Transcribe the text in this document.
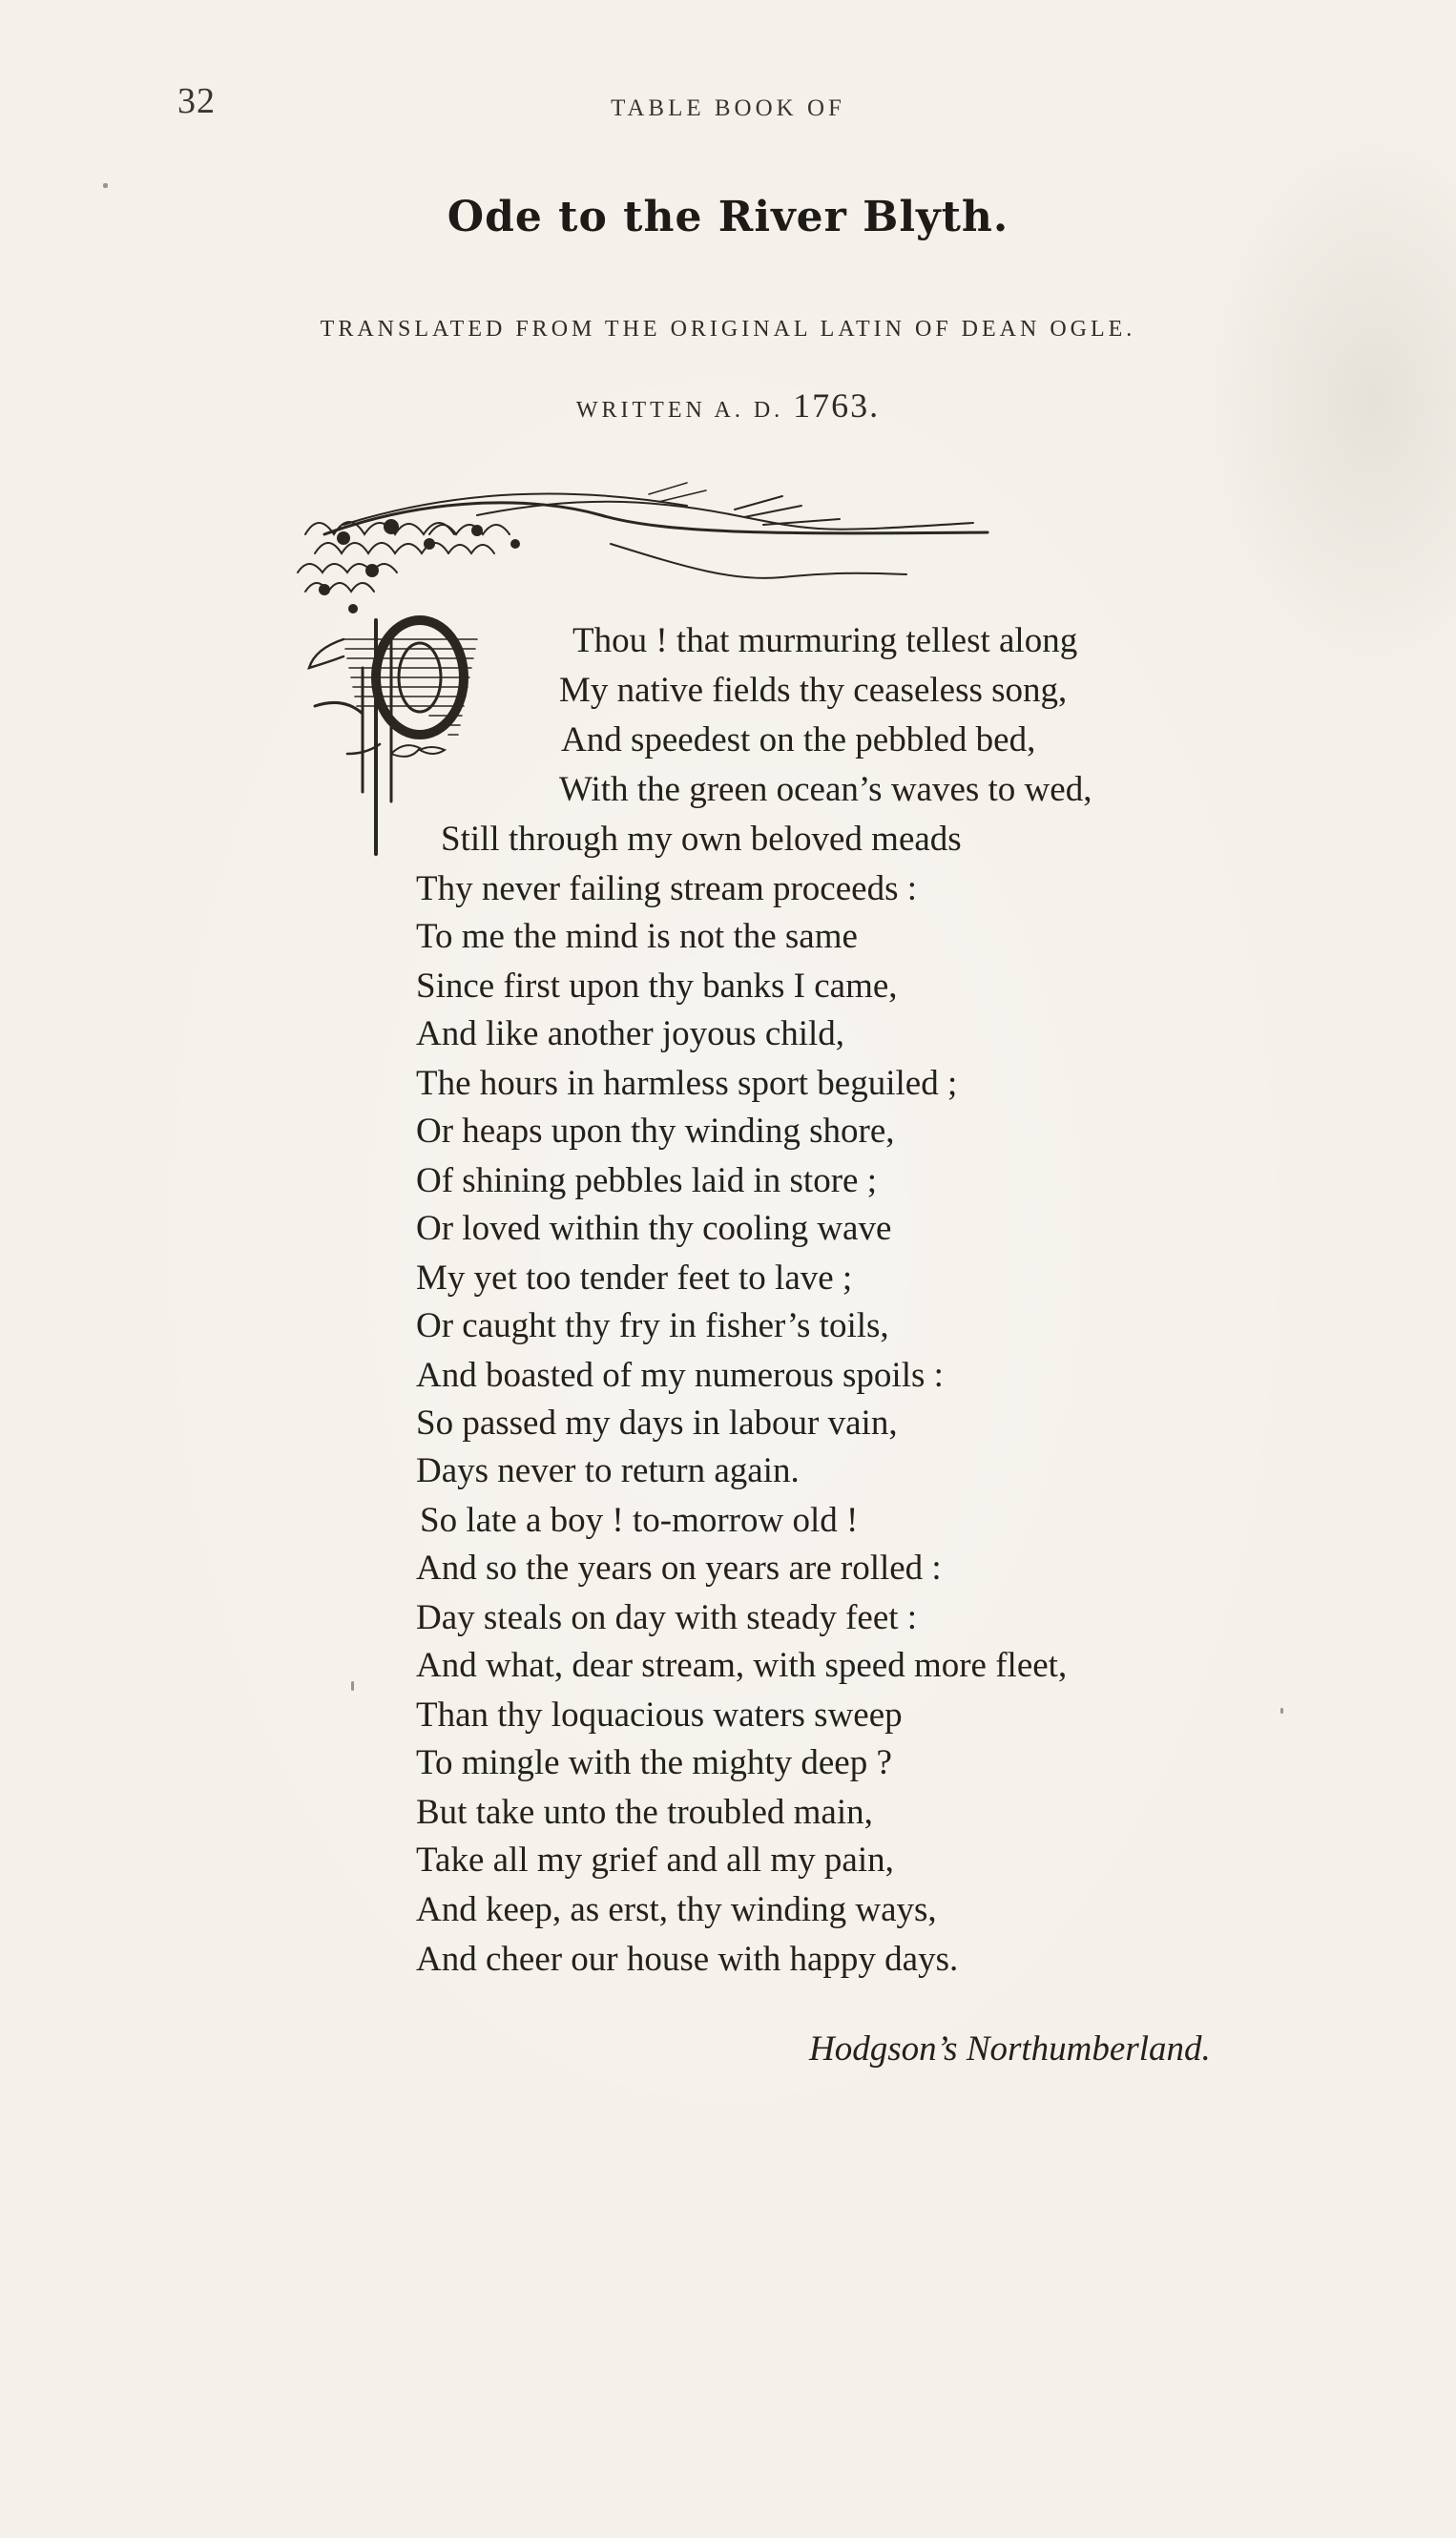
32	TABLE BOOK OF
Ode to the River Blyth.
TRANSLATED FROM THE ORIGINAL LATIN OF DEAN OGLE.
WRITTEN A. D. 1763.
Thou ! that murmuring tellest along
My native fields thy ceaseless song,
And speedest on the pebbled bed,
With the green ocean’s waves to wed,
Still through my own beloved meads
Thy never failing stream proceeds :
To me the mind is not the same
Since first upon thy banks I came,
And like another joyous child,
The hours in harmless sport beguiled ;
Or heaps upon thy winding shore,
Of shining pebbles laid in store ;
Or loved within thy cooling wave
My yet too tender feet to lave ;
Or caught thy fry in fisher’s toils,
And boasted of my numerous spoils :
So passed my days in labour vain,
Days never to return again.
So late a boy ! to-morrow old !
And so the years on years are rolled :
Day steals on day with steady feet :
And what, dear stream, with speed more fleet,
Than thy loquacious waters sweep
To mingle with the mighty deep ?
But take unto the troubled main,
Take all my grief and all my pain,
And keep, as erst, thy winding ways,
And cheer our house with happy days.
Hodgson’s Northumberland.
